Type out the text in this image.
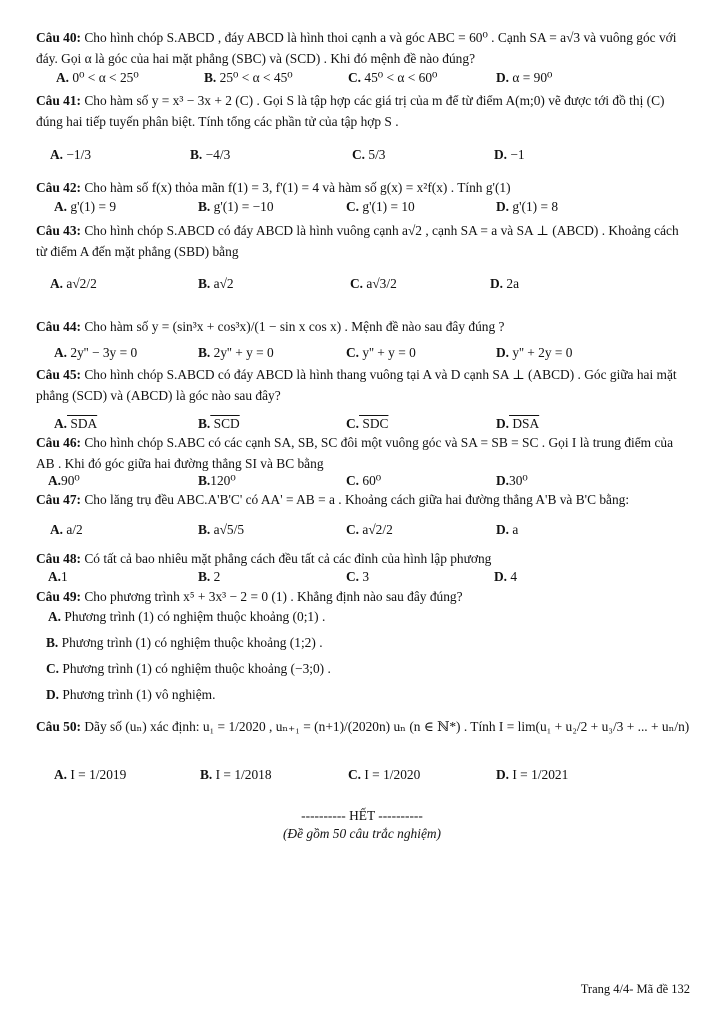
Câu 40: Cho hình chóp S.ABCD , đáy ABCD là hình thoi cạnh a và góc ABC = 60⁰ . Cạnh SA = a√3 và vuông góc với đáy. Gọi α là góc của hai mặt phẳng (SBC) và (SCD) . Khi đó mệnh đề nào đúng?

A. 0⁰ < α < 25⁰	B. 25⁰ < α < 45⁰	C. 45⁰ < α < 60⁰	D. α = 90⁰

Câu 41: Cho hàm số y = x³ − 3x + 2 (C) . Gọi S là tập hợp các giá trị của m để từ điểm A(m;0) vẽ được tới đồ thị (C) đúng hai tiếp tuyến phân biệt. Tính tổng các phần tử của tập hợp S .

A. −1/3	B. −4/3	C. 5/3	D. −1

Câu 42: Cho hàm số f(x) thỏa mãn f(1) = 3, f'(1) = 4 và hàm số g(x) = x²f(x) . Tính g'(1)

A. g'(1) = 9	B. g'(1) = −10	C. g'(1) = 10	D. g'(1) = 8

Câu 43: Cho hình chóp S.ABCD có đáy ABCD là hình vuông cạnh a√2 , cạnh SA = a và SA ⊥ (ABCD) . Khoảng cách từ điểm A đến mặt phẳng (SBD) bằng

A. a√2/2	B. a√2	C. a√3/2	D. 2a

Câu 44: Cho hàm số y = (sin³x + cos³x)/(1 − sin x cos x) . Mệnh đề nào sau đây đúng ?

A. 2y'' − 3y = 0	B. 2y'' + y = 0	C. y'' + y = 0	D. y'' + 2y = 0

Câu 45: Cho hình chóp S.ABCD có đáy ABCD là hình thang vuông tại A và D cạnh SA ⊥ (ABCD) . Góc giữa hai mặt phẳng (SCD) và (ABCD) là góc nào sau đây?

A. SDA	B. SCD	C. SDC	D. DSA

Câu 46: Cho hình chóp S.ABC có các cạnh SA, SB, SC đôi một vuông góc và SA = SB = SC . Gọi I là trung điểm của AB . Khi đó góc giữa hai đường thẳng SI và BC bằng

A.90⁰	B.120⁰	C. 60⁰	D.30⁰

Câu 47: Cho lăng trụ đều ABC.A'B'C' có AA' = AB = a . Khoảng cách giữa hai đường thẳng A'B và B'C bằng:

A. a/2	B. a√5/5	C. a√2/2	D. a

Câu 48: Có tất cả bao nhiêu mặt phẳng cách đều tất cả các đỉnh của hình lập phương

A.1	B. 2	C. 3	D. 4

Câu 49: Cho phương trình x⁵ + 3x³ − 2 = 0 (1) . Khẳng định nào sau đây đúng?

A. Phương trình (1) có nghiệm thuộc khoảng (0;1) .
B. Phương trình (1) có nghiệm thuộc khoảng (1;2) .
C. Phương trình (1) có nghiệm thuộc khoảng (−3;0) .
D. Phương trình (1) vô nghiệm.

Câu 50: Dãy số (uₙ) xác định: u₁ = 1/2020 , uₙ₊₁ = (n+1)/(2020n) uₙ (n ∈ ℕ*) . Tính I = lim(u₁ + u₂/2 + u₃/3 + ... + uₙ/n)

A. I = 1/2019	B. I = 1/2018	C. I = 1/2020	D. I = 1/2021
---------- HẾT ----------
(Đề gồm 50 câu trắc nghiệm)
Trang 4/4- Mã đề 132
